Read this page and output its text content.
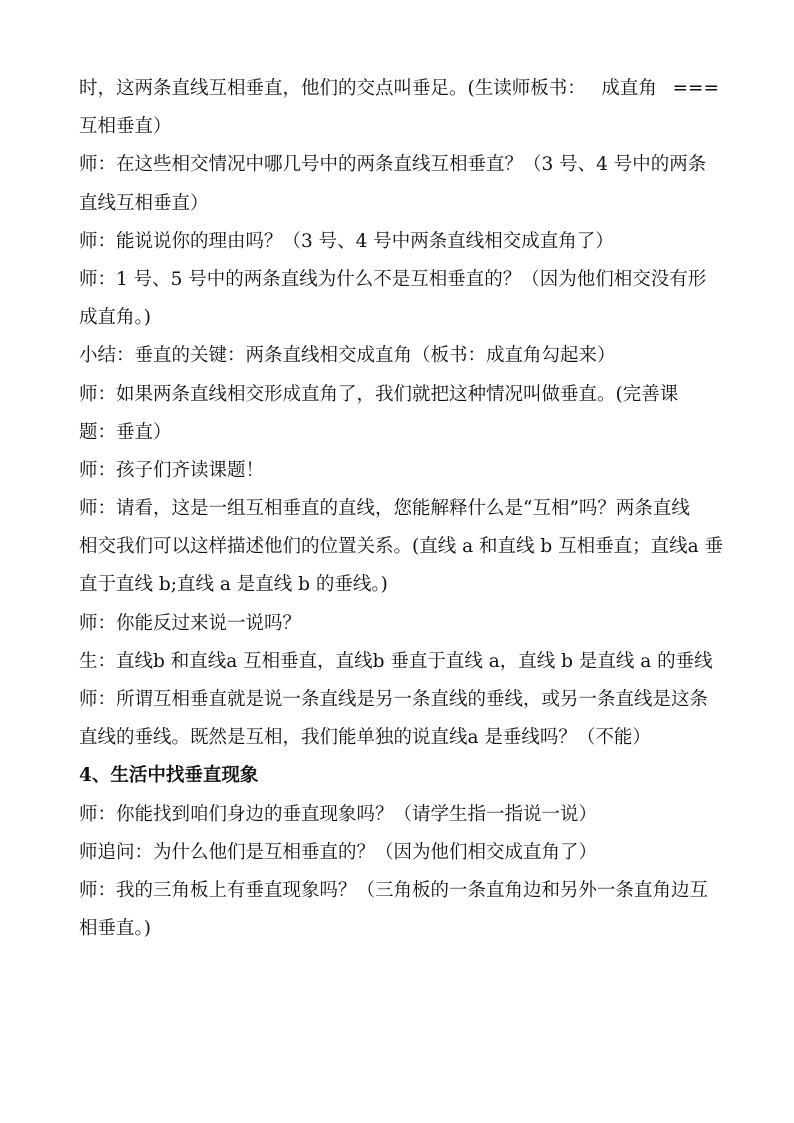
时，这两条直线互相垂直，他们的交点叫垂足。(生读师板书： 成直角 ===
互相垂直）
师：在这些相交情况中哪几号中的两条直线互相垂直？（3 号、4 号中的两条
直线互相垂直）
师：能说说你的理由吗？（3 号、4 号中两条直线相交成直角了）
师：1 号、5 号中的两条直线为什么不是互相垂直的？（因为他们相交没有形
成直角。)
小结：垂直的关键：两条直线相交成直角（板书：成直角勾起来）
师：如果两条直线相交形成直角了，我们就把这种情况叫做垂直。(完善课
题：垂直）
师：孩子们齐读课题！
师：请看，这是一组互相垂直的直线，您能解释什么是“互相”吗？两条直线
相交我们可以这样描述他们的位置关系。(直线 a 和直线 b 互相垂直；直线a 垂
直于直线 b;直线 a 是直线 b 的垂线。)
师：你能反过来说一说吗？
生：直线b 和直线a 互相垂直，直线b 垂直于直线 a，直线 b 是直线 a 的垂线
师：所谓互相垂直就是说一条直线是另一条直线的垂线，或另一条直线是这条
直线的垂线。既然是互相，我们能单独的说直线a 是垂线吗？（不能）
4、生活中找垂直现象
师：你能找到咱们身边的垂直现象吗？（请学生指一指说一说）
师追问：为什么他们是互相垂直的？（因为他们相交成直角了）
师：我的三角板上有垂直现象吗？（三角板的一条直角边和另外一条直角边互
相垂直。)
